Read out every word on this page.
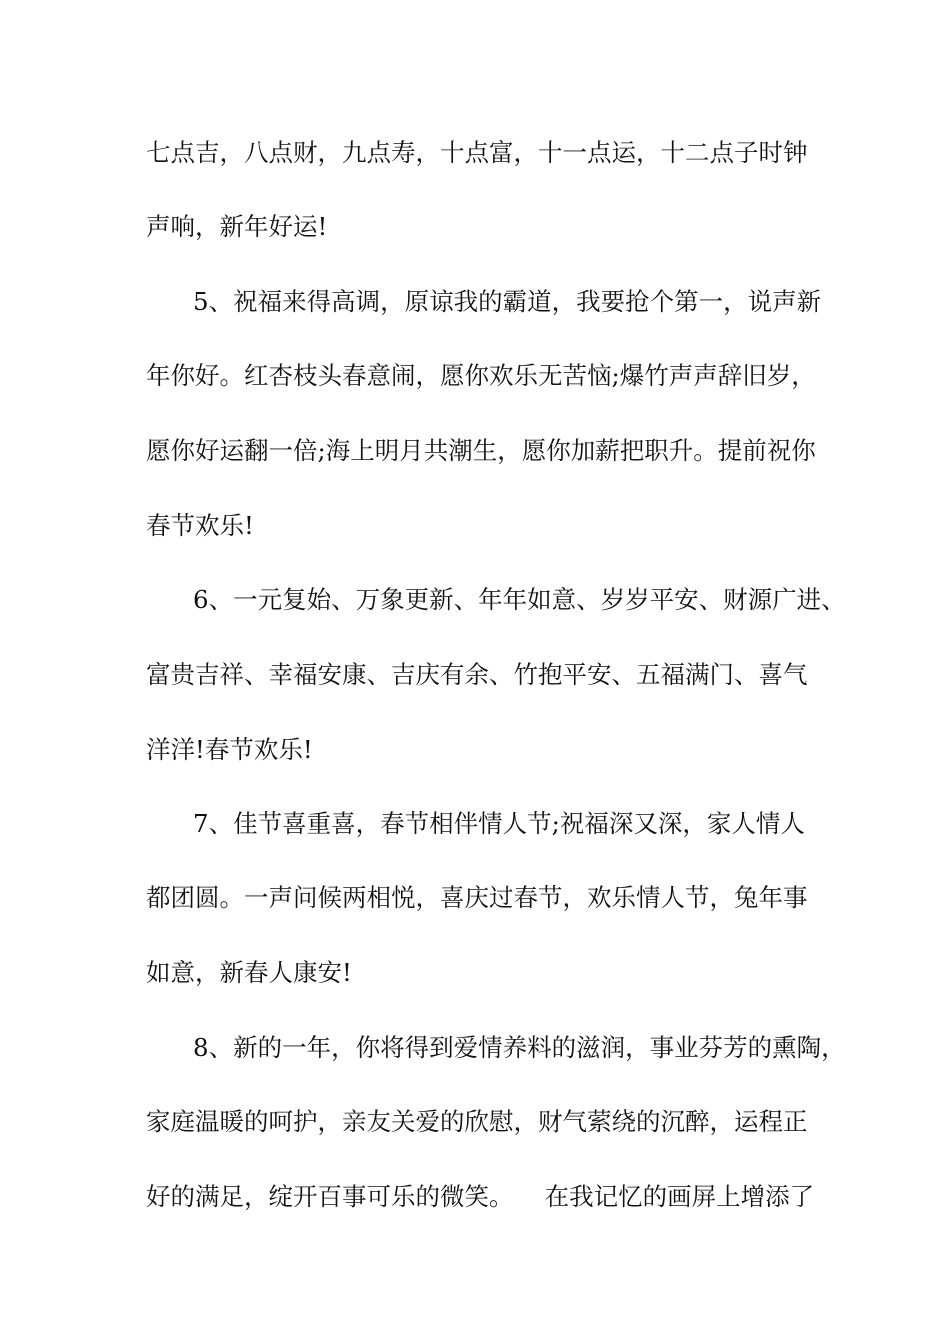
七点吉，八点财，九点寿，十点富，十一点运，十二点子时钟
声响，新年好运!
5、祝福来得高调，原谅我的霸道，我要抢个第一，说声新
年你好。红杏枝头春意闹，愿你欢乐无苦恼;爆竹声声辞旧岁，
愿你好运翻一倍;海上明月共潮生，愿你加薪把职升。提前祝你
春节欢乐!
6、一元复始、万象更新、年年如意、岁岁平安、财源广进、
富贵吉祥、幸福安康、吉庆有余、竹抱平安、五福满门、喜气
洋洋!春节欢乐!
7、佳节喜重喜，春节相伴情人节;祝福深又深，家人情人
都团圆。一声问候两相悦，喜庆过春节，欢乐情人节，兔年事
如意，新春人康安!
8、新的一年，你将得到爱情养料的滋润，事业芬芳的熏陶，
家庭温暖的呵护，亲友关爱的欣慰，财气萦绕的沉醉，运程正
好的满足，绽开百事可乐的微笑。    在我记忆的画屏上增添了
